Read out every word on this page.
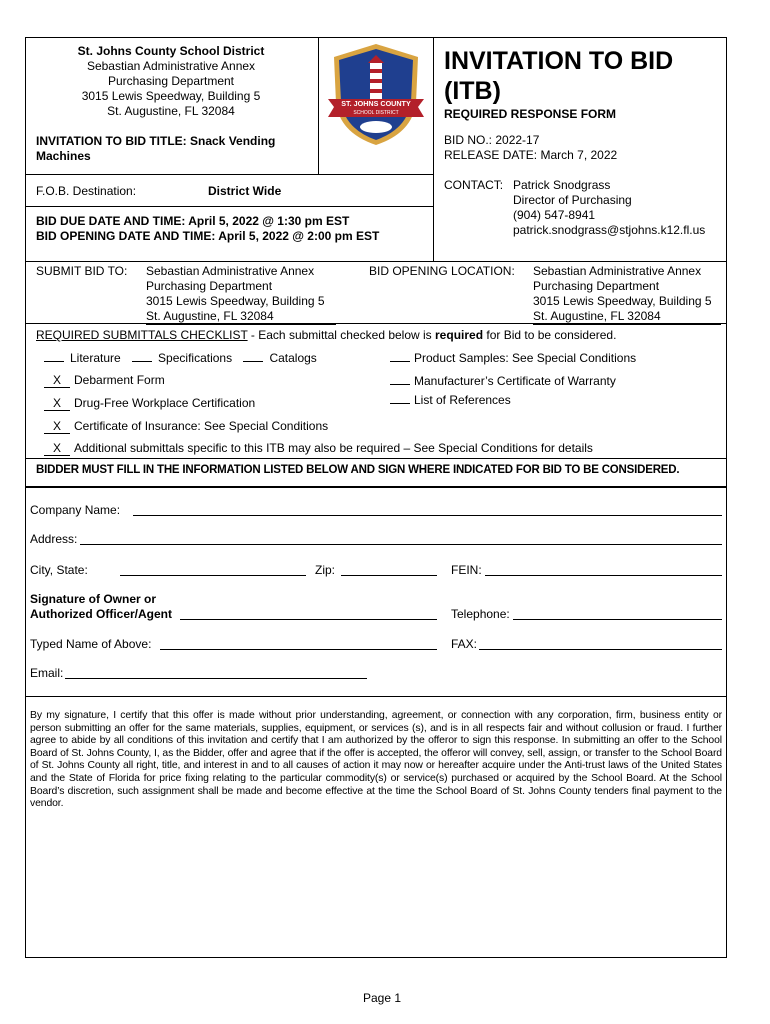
St. Johns County School District
Sebastian Administrative Annex
Purchasing Department
3015 Lewis Speedway, Building 5
St. Augustine, FL 32084
INVITATION TO BID TITLE: Snack Vending Machines
ST. JOHNS COUNTY
SCHOOL DISTRICT
INVITATION TO BID
(ITB)
REQUIRED RESPONSE FORM
BID NO.: 2022-17
RELEASE DATE: March 7, 2022
F.O.B. Destination:	District Wide
BID DUE DATE AND TIME: April 5, 2022 @ 1:30 pm EST
BID OPENING DATE AND TIME: April 5, 2022 @ 2:00 pm EST
CONTACT: Patrick Snodgrass
Director of Purchasing
(904) 547-8941
patrick.snodgrass@stjohns.k12.fl.us
SUBMIT BID TO: Sebastian Administrative Annex
Purchasing Department
3015 Lewis Speedway, Building 5
St. Augustine, FL 32084
BID OPENING LOCATION: Sebastian Administrative Annex
Purchasing Department
3015 Lewis Speedway, Building 5
St. Augustine, FL 32084
REQUIRED SUBMITTALS CHECKLIST - Each submittal checked below is required for Bid to be considered.
Literature	Specifications	Catalogs	Product Samples: See Special Conditions
X Debarment Form	Manufacturer’s Certificate of Warranty
X Drug-Free Workplace Certification	List of References
X Certificate of Insurance: See Special Conditions
X Additional submittals specific to this ITB may also be required – See Special Conditions for details
BIDDER MUST FILL IN THE INFORMATION LISTED BELOW AND SIGN WHERE INDICATED FOR BID TO BE CONSIDERED.
Company Name:
Address:
City, State:	Zip:	FEIN:
Signature of Owner or
Authorized Officer/Agent	Telephone:
Typed Name of Above:	FAX:
Email:
By my signature, I certify that this offer is made without prior understanding, agreement, or connection with any corporation, firm, business entity or person submitting an offer for the same materials, supplies, equipment, or services (s), and is in all respects fair and without collusion or fraud. I further agree to abide by all conditions of this invitation and certify that I am authorized by the offeror to sign this response. In submitting an offer to the School Board of St. Johns County, I, as the Bidder, offer and agree that if the offer is accepted, the offeror will convey, sell, assign, or transfer to the School Board of St. Johns County all right, title, and interest in and to all causes of action it may now or hereafter acquire under the Anti-trust laws of the United States and the State of Florida for price fixing relating to the particular commodity(s) or service(s) purchased or acquired by the School Board. At the School Board’s discretion, such assignment shall be made and become effective at the time the School Board of St. Johns County tenders final payment to the vendor.
Page 1
